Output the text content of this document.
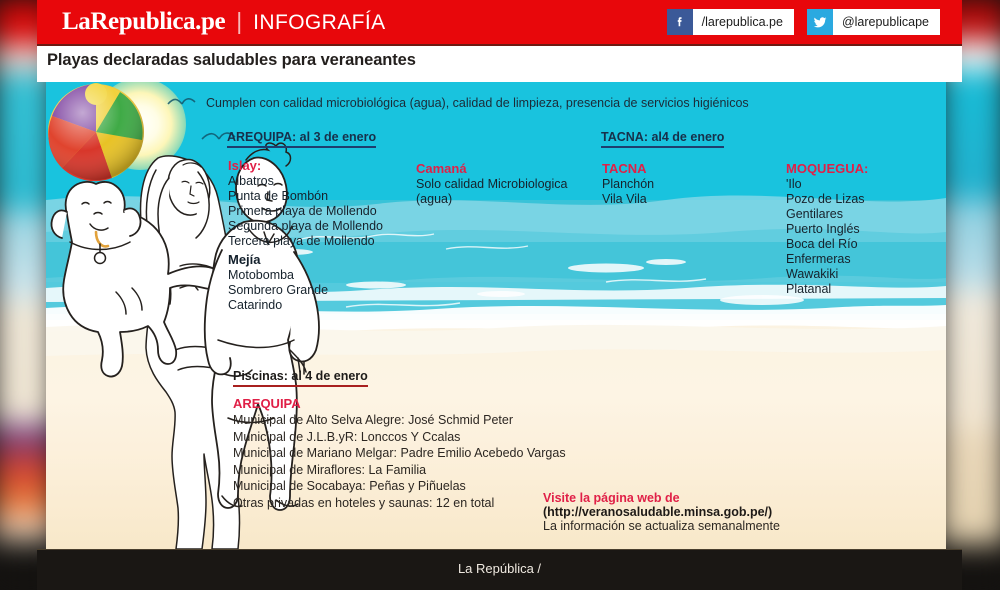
LaRepublica.pe | INFOGRAFÍA	/larepublica.pe	@larepublicape
Playas declaradas saludables para veraneantes
Cumplen con calidad microbiológica (agua), calidad de limpieza, presencia de servicios higiénicos
AREQUIPA: al 3 de enero	TACNA: al4 de enero
Islay:
Albatros
Punta de Bombón
Primera playa de Mollendo
Segunda playa de Mollendo
Tercera playa de Mollendo
Mejía
Motobomba
Sombrero Grande
Catarindo
Camaná
Solo calidad Microbiologica
(agua)
TACNA
Planchón
Vila Vila
MOQUEGUA:
'Ilo
Pozo de Lizas
Gentilares
Puerto Inglés
Boca del Río
Enfermeras
Wawakiki
Platanal
Piscinas: al 4 de enero
AREQUIPA
Municipal de Alto Selva Alegre: José Schmid Peter
Municipal de J.L.B.yR: Lonccos Y Ccalas
Municipal de Mariano Melgar: Padre Emilio Acebedo Vargas
Municipal de Miraflores: La Familia
Municipal de Socabaya: Peñas y Piñuelas
Otras privadas en hoteles y saunas: 12 en total	Visite la página web de
(http://veranosaludable.minsa.gob.pe/)
La información se actualiza semanalmente
La República /
